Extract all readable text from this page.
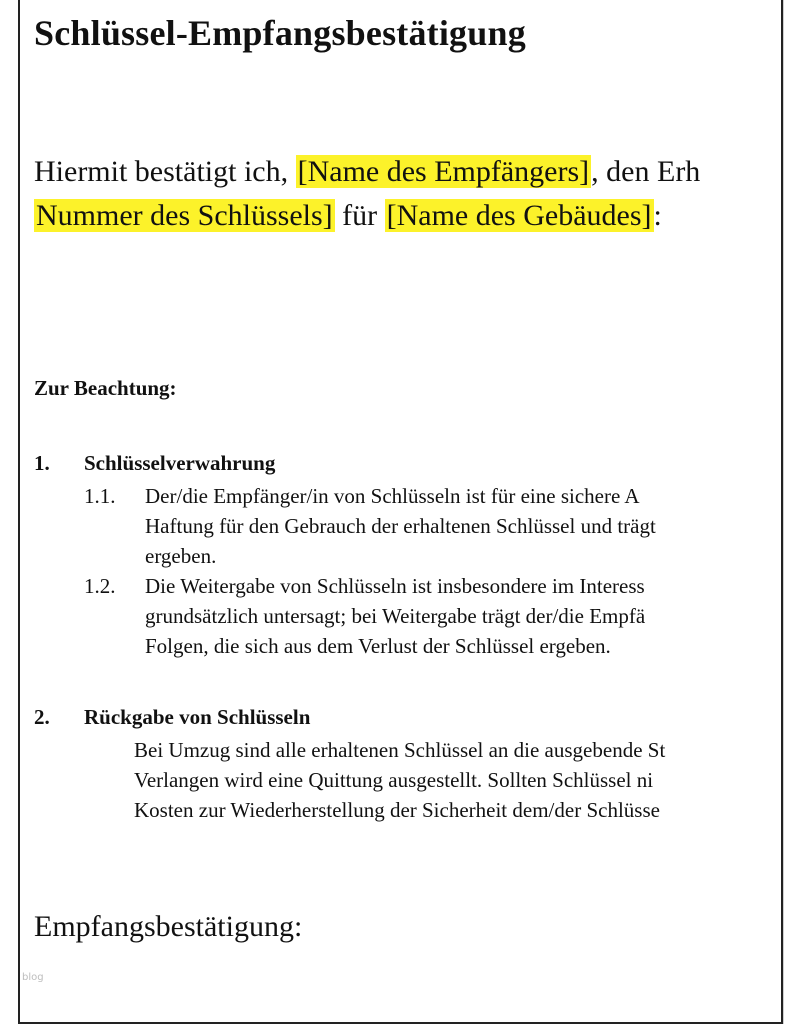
Schlüssel-Empfangsbestätigung
Hiermit bestätigt ich, [Name des Empfängers], den Erh
Nummer des Schlüssels] für [Name des Gebäudes]:
Zur Beachtung:
1. Schlüsselverwahrung
1.1. Der/die Empfänger/in von Schlüsseln ist für eine sichere A
Haftung für den Gebrauch der erhaltenen Schlüssel und trägt
ergeben.
1.2. Die Weitergabe von Schlüsseln ist insbesondere im Interess
grundsätzlich untersagt; bei Weitergabe trägt der/die Empfä
Folgen, die sich aus dem Verlust der Schlüssel ergeben.
2. Rückgabe von Schlüsseln
Bei Umzug sind alle erhaltenen Schlüssel an die ausgebende St
Verlangen wird eine Quittung ausgestellt. Sollten Schlüssel ni
Kosten zur Wiederherstellung der Sicherheit dem/der Schlüsse
Empfangsbestätigung:
blog
